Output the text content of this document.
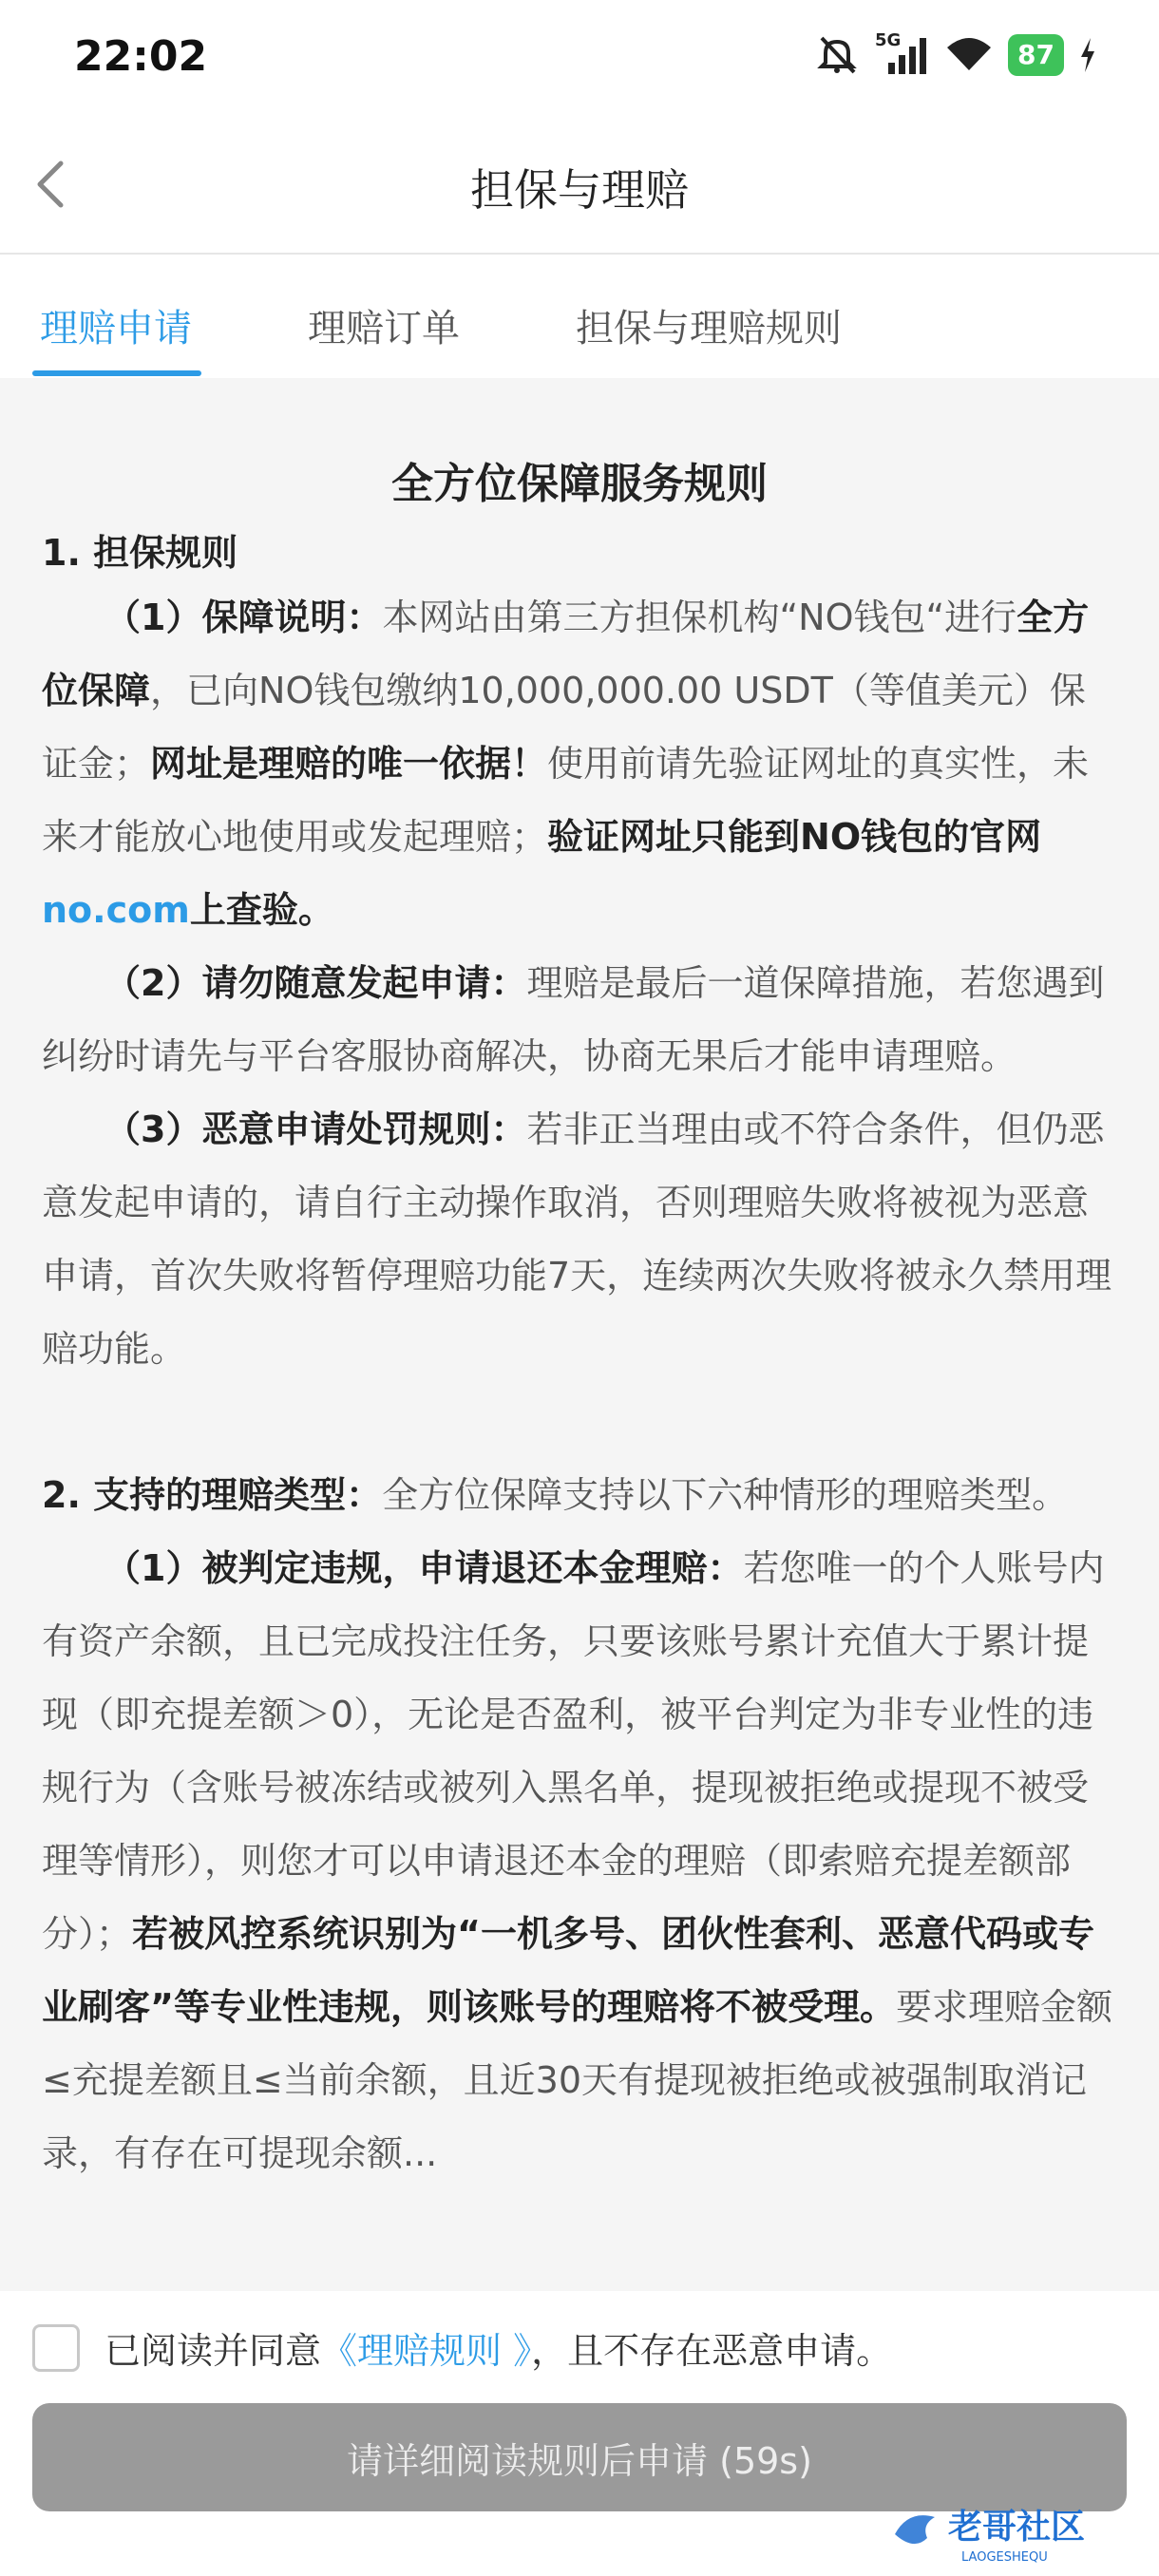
22:02	5G	87
担保与理赔
理赔申请	理赔订单	担保与理赔规则
全方位保障服务规则
1. 担保规则

（1）保障说明：本网站由第三方担保机构“NO钱包“进行全方位保障，已向NO钱包缴纳10,000,000.00 USDT（等值美元）保证金；网址是理赔的唯一依据！使用前请先验证网址的真实性，未来才能放心地使用或发起理赔；验证网址只能到NO钱包的官网no.com上查验。

（2）请勿随意发起申请：理赔是最后一道保障措施，若您遇到纠纷时请先与平台客服协商解决，协商无果后才能申请理赔。

（3）恶意申请处罚规则：若非正当理由或不符合条件，但仍恶意发起申请的，请自行主动操作取消，否则理赔失败将被视为恶意申请，首次失败将暂停理赔功能7天，连续两次失败将被永久禁用理赔功能。

2. 支持的理赔类型：全方位保障支持以下六种情形的理赔类型。

（1）被判定违规，申请退还本金理赔：若您唯一的个人账号内有资产余额，且已完成投注任务，只要该账号累计充值大于累计提现（即充提差额＞0），无论是否盈利，被平台判定为非专业性的违规行为（含账号被冻结或被列入黑名单，提现被拒绝或提现不被受理等情形），则您才可以申请退还本金的理赔（即索赔充提差额部分）；若被风控系统识别为“一机多号、团伙性套利、恶意代码或专业刷客”等专业性违规，则该账号的理赔将不被受理。要求理赔金额≤充提差额且≤当前余额，且近30天有提现被拒绝或被强制取消记录，有存在可提现余额...

已阅读并同意《理赔规则 》，且不存在恶意申请。
请详细阅读规则后申请 (59s)
老哥社区
LAOGESHEQU
